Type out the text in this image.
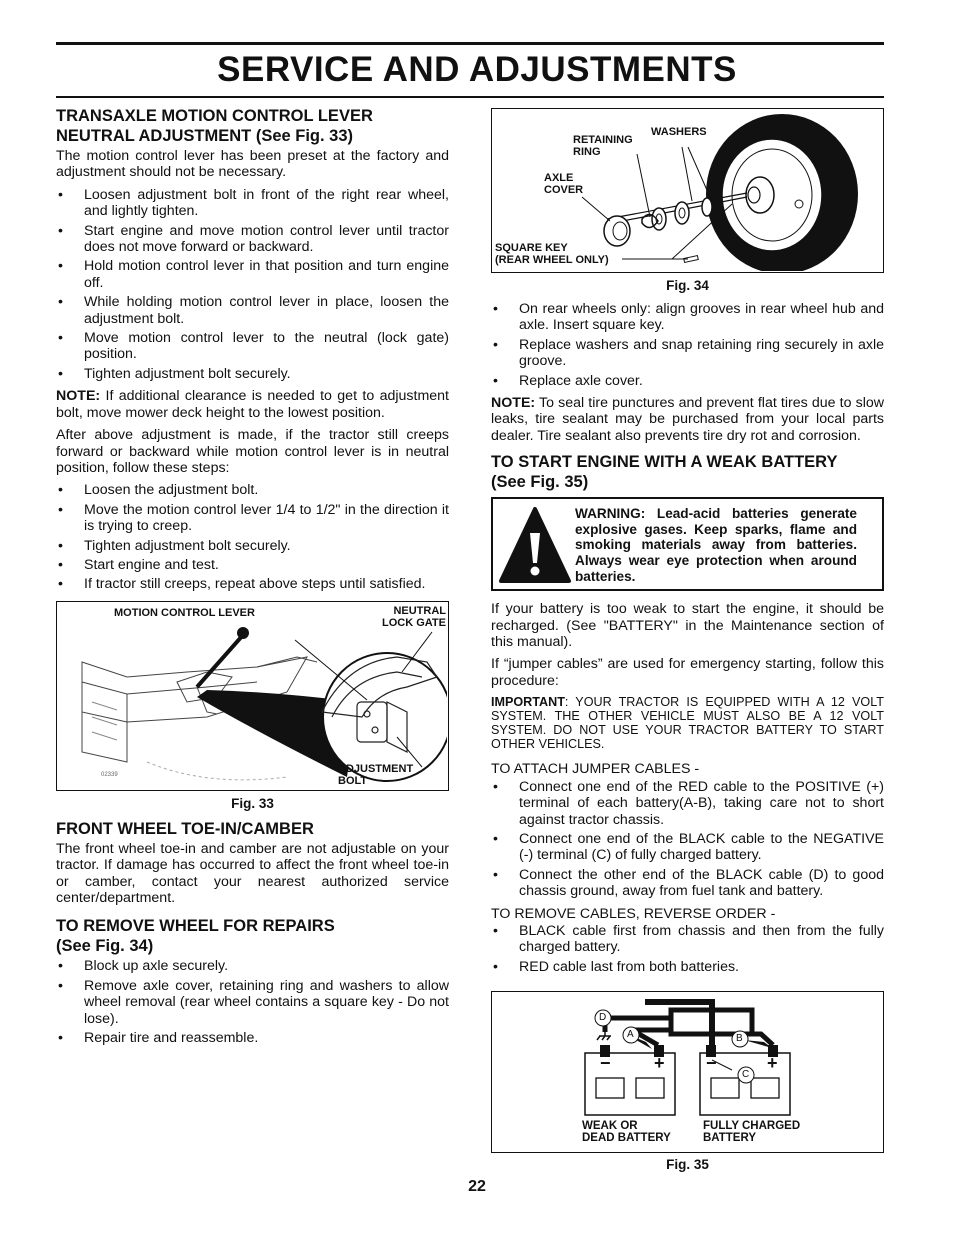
SERVICE AND ADJUSTMENTS
TRANSAXLE MOTION CONTROL LEVER
NEUTRAL ADJUSTMENT (See Fig. 33)

The motion control lever has been preset at the factory and adjustment should not be necessary.

• Loosen adjustment bolt in front of the right rear wheel, and lightly tighten.
• Start engine and move motion control lever until tractor does not move forward or backward.
• Hold motion control lever in that position and turn engine off.
• While holding motion control lever in place, loosen the adjustment bolt.
• Move motion control lever to the neutral (lock gate) position.
• Tighten adjustment bolt securely.

NOTE: If additional clearance is needed to get to adjustment bolt, move mower deck height to the lowest position.

After above adjustment is made, if the tractor still creeps forward or backward while motion control lever is in neutral position, follow these steps:

• Loosen the adjustment bolt.
• Move the motion control lever 1/4 to 1/2" in the direction it is trying to creep.
• Tighten adjustment bolt securely.
• Start engine and test.
• If tractor still creeps, repeat above steps until satisfied.
MOTION CONTROL LEVER	NEUTRAL
LOCK GATE
ADJUSTMENT
BOLT
02339
Fig. 33
FRONT WHEEL TOE-IN/CAMBER

The front wheel toe-in and camber are not adjustable on your tractor. If damage has occurred to affect the front wheel toe-in or camber, contact your nearest authorized service center/department.

TO REMOVE WHEEL FOR REPAIRS
(See Fig. 34)
• Block up axle securely.
• Remove axle cover, retaining ring and washers to allow wheel removal (rear wheel contains a square key - Do not lose).
• Repair tire and reassemble.
RETAINING
RING
WASHERS
AXLE
COVER
SQUARE KEY
(REAR WHEEL ONLY)
Fig. 34
• On rear wheels only: align grooves in rear wheel hub and axle. Insert square key.
• Replace washers and snap retaining ring securely in axle groove.
• Replace axle cover.

NOTE: To seal tire punctures and prevent flat tires due to slow leaks, tire sealant may be purchased from your local parts dealer. Tire sealant also prevents tire dry rot and corrosion.

TO START ENGINE WITH A WEAK BATTERY
(See Fig. 35)
WARNING: Lead-acid batteries generate explosive gases. Keep sparks, flame and smoking materials away from batteries. Always wear eye protection when around batteries.

If your battery is too weak to start the engine, it should be recharged. (See "BATTERY" in the Maintenance section of this manual).

If “jumper cables” are used for emergency starting, follow this procedure:

IMPORTANT: YOUR TRACTOR IS EQUIPPED WITH A 12 VOLT SYSTEM. THE OTHER VEHICLE MUST ALSO BE A 12 VOLT SYSTEM. DO NOT USE YOUR TRACTOR BATTERY TO START OTHER VEHICLES.

TO ATTACH JUMPER CABLES -

• Connect one end of the RED cable to the POSITIVE (+) terminal of each battery(A-B), taking care not to short against tractor chassis.
• Connect one end of the BLACK cable to the NEGATIVE (-) terminal (C) of fully charged battery.
• Connect the other end of the BLACK cable (D) to good chassis ground, away from fuel tank and battery.

TO REMOVE CABLES, REVERSE ORDER -

• BLACK cable first from chassis and then from the fully charged battery.
• RED cable last from both batteries.
D
A	B
C
− + −	+
WEAK OR
DEAD BATTERY
FULLY CHARGED
BATTERY
Fig. 35
22
